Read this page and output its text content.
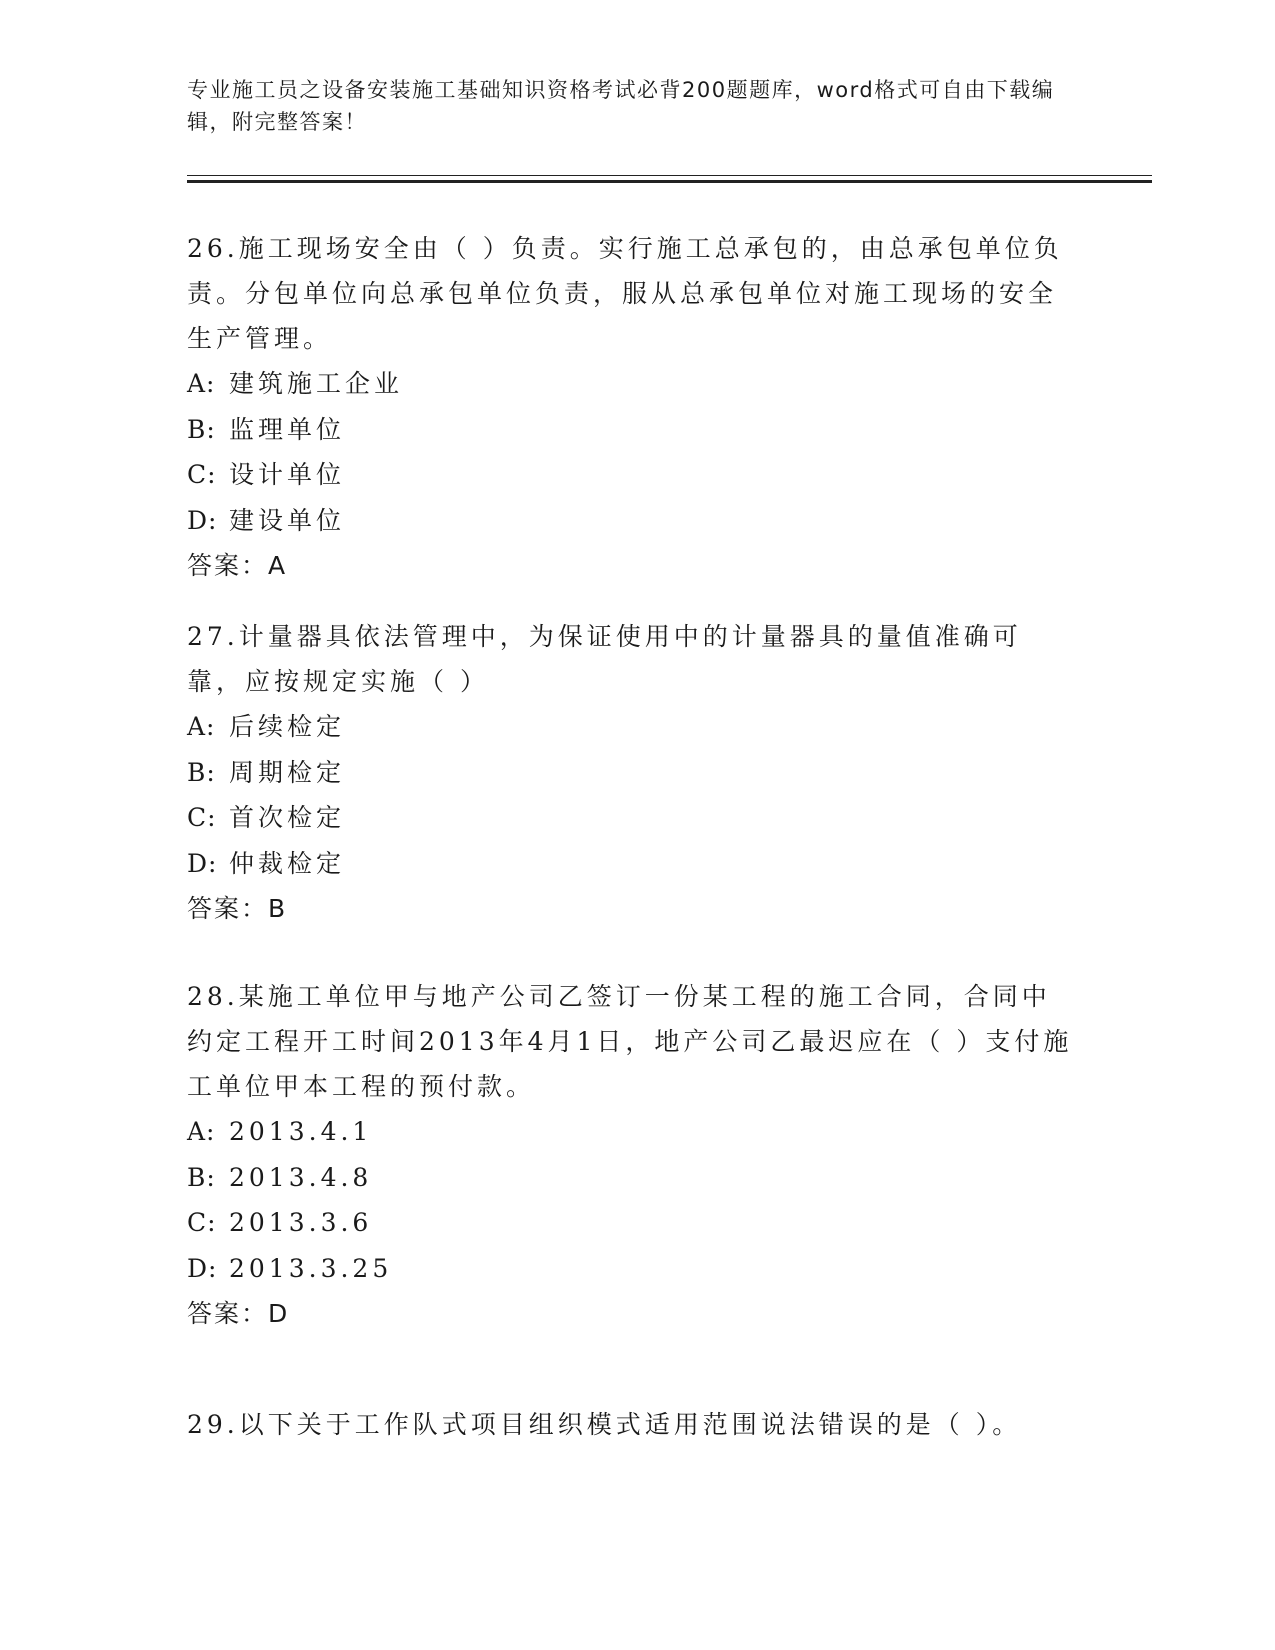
专业施工员之设备安装施工基础知识资格考试必背200题题库，word格式可自由下载编辑，附完整答案！

26.施工现场安全由（ ）负责。实行施工总承包的，由总承包单位负责。分包单位向总承包单位负责，服从总承包单位对施工现场的安全生产管理。

A: 建筑施工企业

B: 监理单位

C: 设计单位

D: 建设单位

答案：A

27.计量器具依法管理中，为保证使用中的计量器具的量值准确可靠，应按规定实施（ ）

A: 后续检定

B: 周期检定

C: 首次检定

D: 仲裁检定

答案：B

28.某施工单位甲与地产公司乙签订一份某工程的施工合同，合同中约定工程开工时间2013年4月1日，地产公司乙最迟应在（ ）支付施工单位甲本工程的预付款。

A: 2013.4.1

B: 2013.4.8

C: 2013.3.6

D: 2013.3.25

答案：D

29.以下关于工作队式项目组织模式适用范围说法错误的是（ ）。
